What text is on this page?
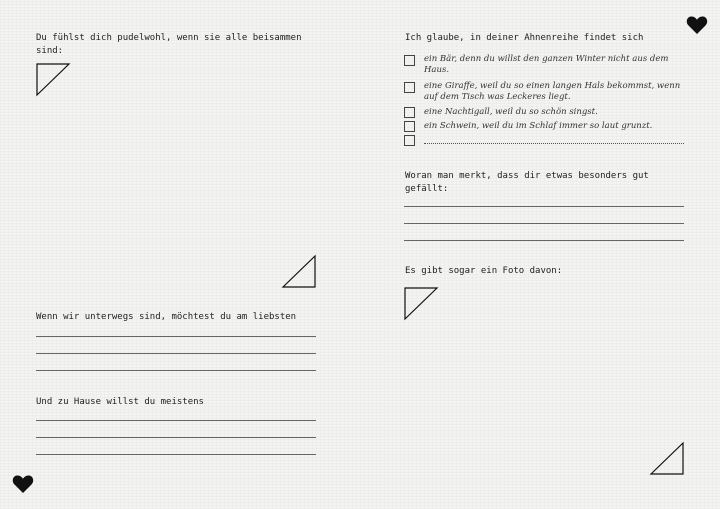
Du fühlst dich pudelwohl, wenn sie alle beisammen sind:
Wenn wir unterwegs sind, möchtest du am liebsten
Und zu Hause willst du meistens
Ich glaube, in deiner Ahnenreihe findet sich
ein Bär, denn du willst den ganzen Winter nicht aus dem Haus.
eine Giraffe, weil du so einen langen Hals bekommst, wenn auf dem Tisch was Leckeres liegt.
eine Nachtigall, weil du so schön singst.
ein Schwein, weil du im Schlaf immer so laut grunzt.
Woran man merkt, dass dir etwas besonders gut gefällt:
Es gibt sogar ein Foto davon:
